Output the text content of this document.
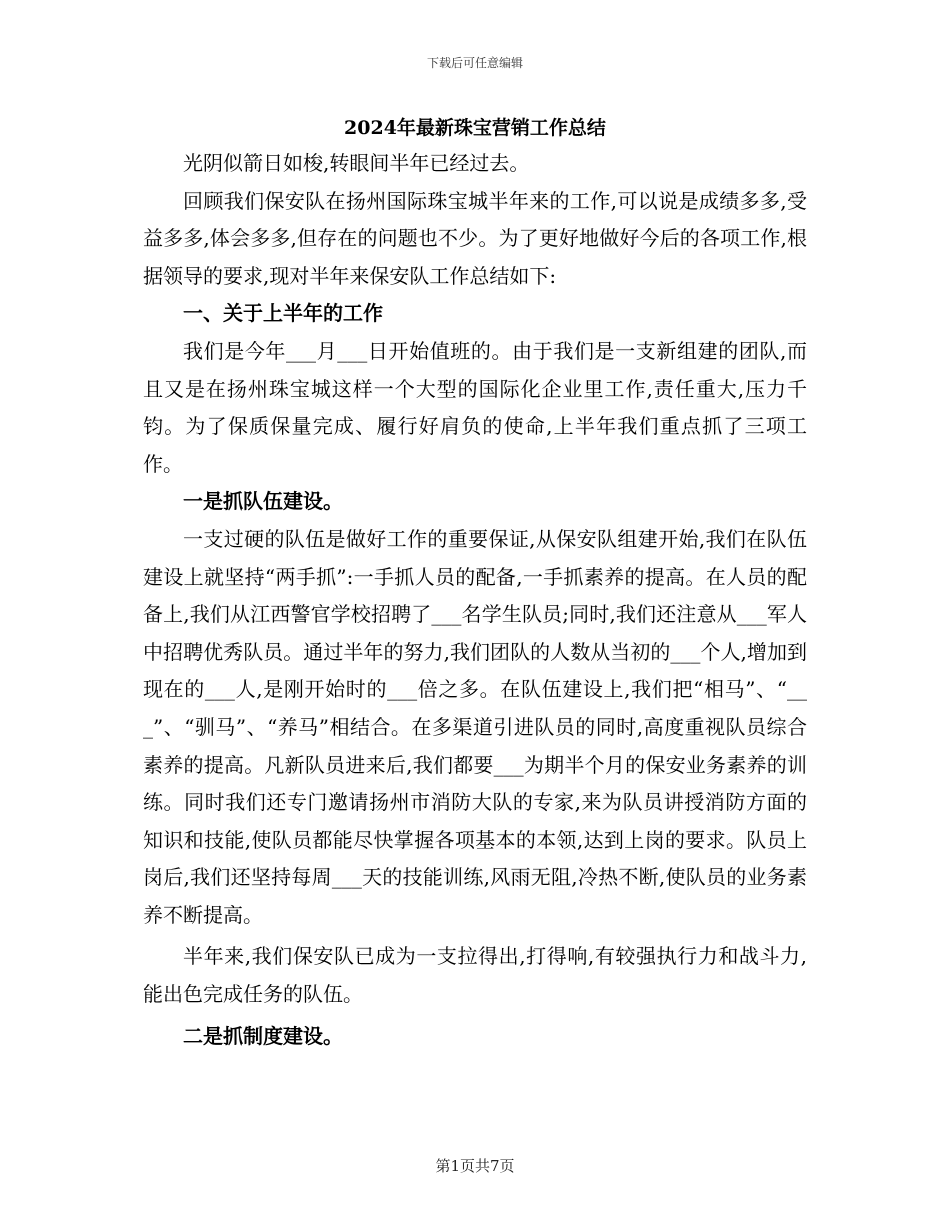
下载后可任意编辑
2024年最新珠宝营销工作总结

光阴似箭日如梭,转眼间半年已经过去。

回顾我们保安队在扬州国际珠宝城半年来的工作,可以说是成绩多多,受益多多,体会多多,但存在的问题也不少。为了更好地做好今后的各项工作,根据领导的要求,现对半年来保安队工作总结如下:

一、关于上半年的工作

我们是今年___月___日开始值班的。由于我们是一支新组建的团队,而且又是在扬州珠宝城这样一个大型的国际化企业里工作,责任重大,压力千钧。为了保质保量完成、履行好肩负的使命,上半年我们重点抓了三项工作。

一是抓队伍建设。

一支过硬的队伍是做好工作的重要保证,从保安队组建开始,我们在队伍建设上就坚持“两手抓”:一手抓人员的配备,一手抓素养的提高。在人员的配备上,我们从江西警官学校招聘了___名学生队员;同时,我们还注意从___军人中招聘优秀队员。通过半年的努力,我们团队的人数从当初的___个人,增加到现在的___人,是刚开始时的___倍之多。在队伍建设上,我们把“相马”、“___”、“驯马”、“养马”相结合。在多渠道引进队员的同时,高度重视队员综合素养的提高。凡新队员进来后,我们都要___为期半个月的保安业务素养的训练。同时我们还专门邀请扬州市消防大队的专家,来为队员讲授消防方面的知识和技能,使队员都能尽快掌握各项基本的本领,达到上岗的要求。队员上岗后,我们还坚持每周___天的技能训练,风雨无阻,冷热不断,使队员的业务素养不断提高。

半年来,我们保安队已成为一支拉得出,打得响,有较强执行力和战斗力,能出色完成任务的队伍。

二是抓制度建设。

第1页共7页
